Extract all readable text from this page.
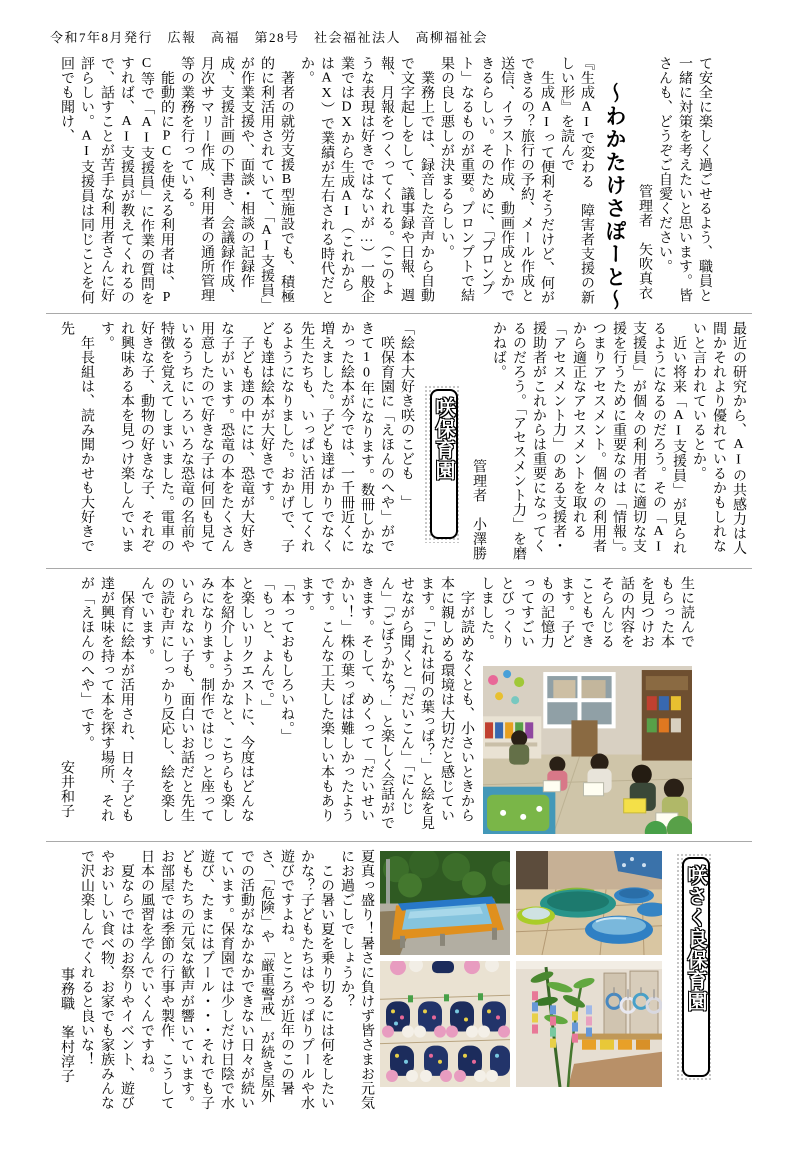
令和7年8月発行　広報　高福　第28号　社会福祉法人　高柳福祉会

て安全に楽しく過ごせるよう、職員と一緒に対策を考えたいと思います。皆さんも、どうぞご自愛ください。

管理者　矢吹真衣

～わかたけさぽーと～

『生成AIで変わる　障害者支援の新しい形』を読んで

　生成AIって便利そうだけど、何ができるの？旅行の予約、メール作成と送信、イラスト作成、動画作成とかできるらしい。そのために、「プロンプト」なるものが重要。プロンプトで結果の良し悪しが決まるらしい。

　業務上では、録音した音声から自動で文字起しをして、議事録や日報、週報、月報をつくってくれる。（このような表現は好きではないが…）一般企業ではDXから生成AI（これからはAX）で業績が左右される時代だとか。

　著者の就労支援B型施設でも、積極的に利活用されていて、「AI支援員」が作業支援や、面談・相談の記録作成、支援計画の下書き、会議録作成、月次サマリー作成、利用者の通所管理等の業務を行っている。

　能動的にPCを使える利用者は、PC等で「AI支援員」に作業の質問をすれば、AI支援員が教えてくれるので、話すことが苦手な利用者さんに好評らしい。AI支援員は同じことを何回でも聞け、

最近の研究から、AIの共感力は人間かそれより優れているかもしれないと言われているとか。

　近い将来「AI支援員」が見られるようになるのだろう。その「AI支援員」が個々の利用者に適切な支援を行うために重要なのは「情報」。つまりアセスメント。個々の利用者から適正なアセスメントを取れる「アセスメント力」のある支援者・援助者がこれからは重要になってくるのだろう。「アセスメント力」を磨かねば。

管理者　小澤勝

咲保育園

「絵本大好き咲のこども　」

　咲保育園に「えほんのへや」ができて10年になります。数冊しかなかった絵本が今では、一千冊近くに増えました。子ども達ばかりでなく先生たちも、いっぱい活用してくれるようになりました。おかげで、子ども達は絵本が大好きです。

　子ども達の中には、恐竜が大好きな子がいます。恐竜の本をたくさん用意したので好きな子は何回も見ているうちにいろいろな恐竜の名前や特徴を覚えてしまいました。電車の好きな子、動物の好きな子、それぞれ興味ある本を見つけ楽しんでいます。

　年長組は、読み聞かせも大好きで先

生に読んでもらった本を見つけお話の内容をそらんじることもできます。子どもの記憶力ってすごいとびっくりしました。

　字が読めなくとも、小さいときから本に親しめる環境は大切だと感じています。「これは何の葉っぱ？」と絵を見せながら聞くと「だいこん」「にんじん」「ごぼうかな？」と楽しく会話ができます。そして、めくって「だいせいかい！」株の葉っぱは難しかったようです。こんな工夫した楽しい本もあります。

「本っておもしろいね。」

「もっと、よんで。」

と楽しいリクエストに、今度はどんな本を紹介しようかなと、こちらも楽しみになります。制作ではじっと座っていられない子も、面白いお話だと先生の読む声にしっかり反応し、絵を楽しんでいます。

　保育に絵本が活用され、日々子ども達が興味を持って本を探す場所、それが「えほんのへや」です。

安井和子

咲さく良保育園

夏真っ盛り！暑さに負けず皆さまお元気にお過ごしでしょうか？

　この暑い夏を乗り切るには何をしたいかな？子どもたちはやっぱりプールや水遊びですよね。ところが近年のこの暑さ、「危険」や「厳重警戒」が続き屋外での活動がなかなかできない日々が続いています。保育園では少しだけ日陰で水遊び、たまにはプール・・・それでも子どもたちの元気な歓声が響いています。お部屋では季節の行事や製作、こうして日本の風習を学んでいくんですね。

　夏ならではのお祭りやイベント、遊びやおいしい食べ物、お家でも家族みんなで沢山楽しんでくれると良いな！

事務職　峯村淳子
